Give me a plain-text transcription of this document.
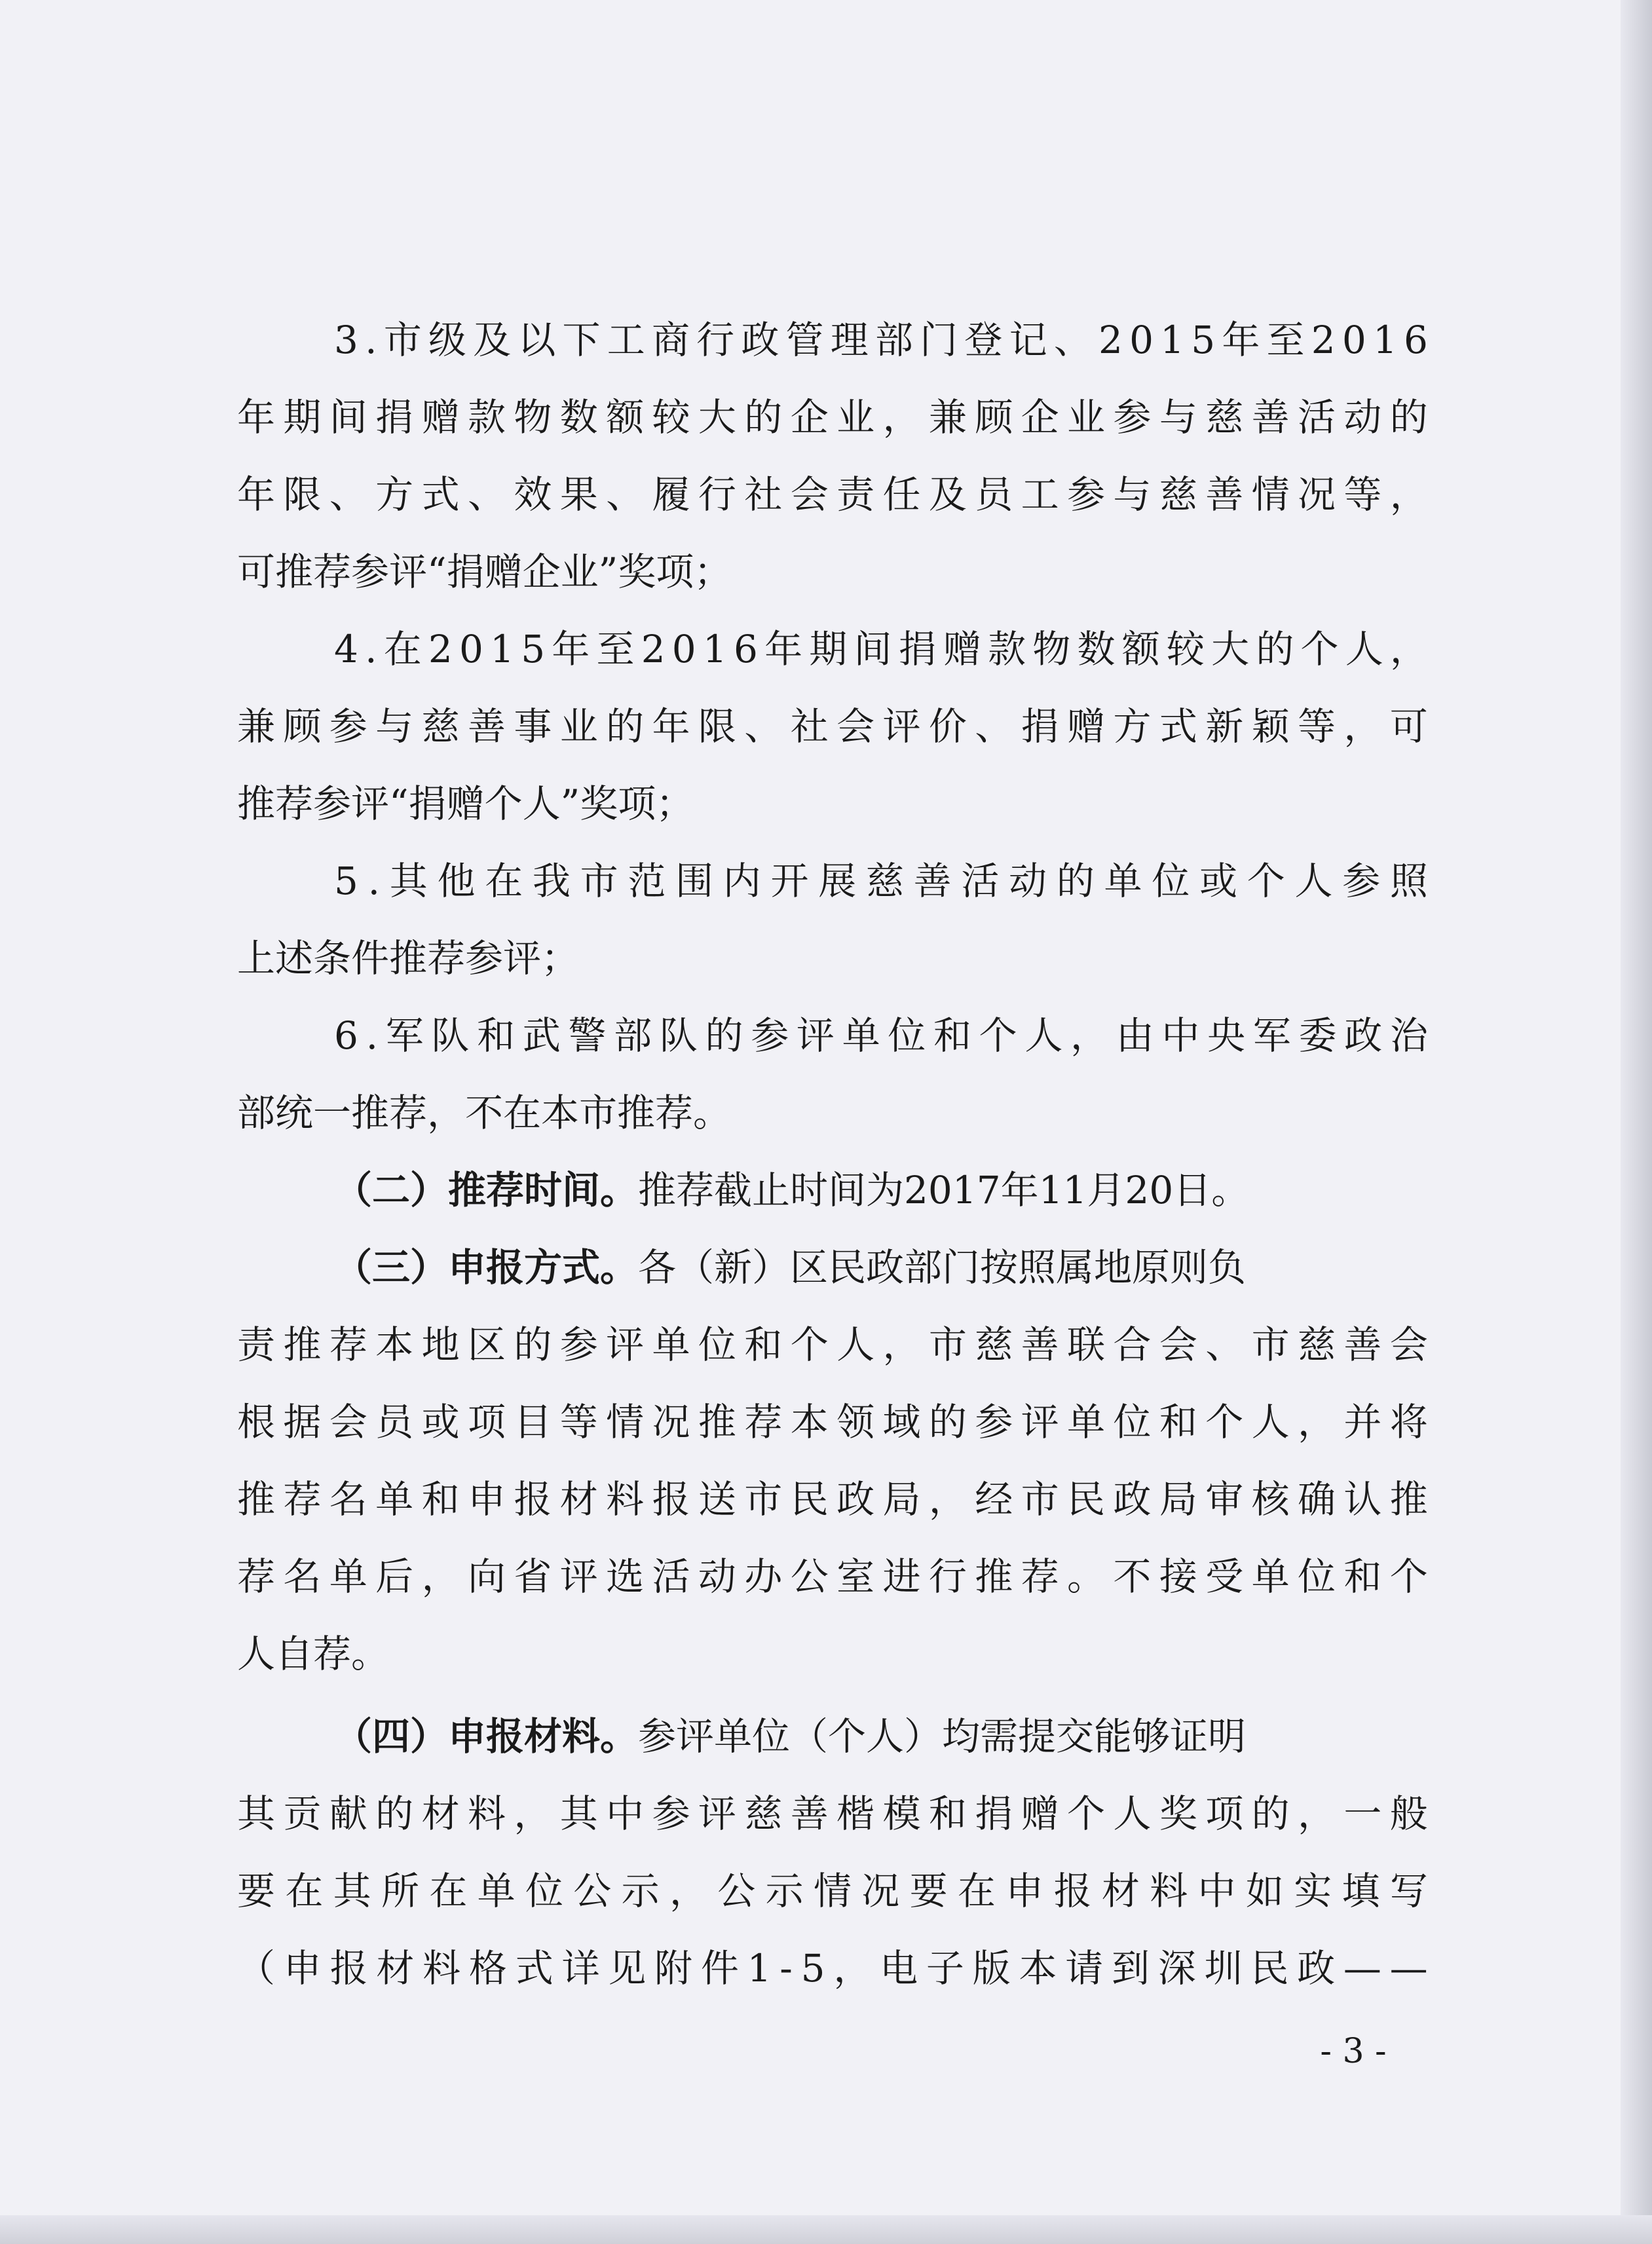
3 . 市 级 及 以 下 工 商 行 政 管 理 部 门 登 记 、 2 0 1 5 年 至 2 0 1 6
年 期 间 捐 赠 款 物 数 额 较 大 的 企 业 ， 兼 顾 企 业 参 与 慈 善 活 动 的
年 限 、 方 式 、 效 果 、 履 行 社 会 责 任 及 员 工 参 与 慈 善 情 况 等 ，
可推荐参评“捐赠企业”奖项；
4 . 在 2 0 1 5 年 至 2 0 1 6 年 期 间 捐 赠 款 物 数 额 较 大 的 个 人 ，
兼 顾 参 与 慈 善 事 业 的 年 限 、 社 会 评 价 、 捐 赠 方 式 新 颖 等 ， 可
推荐参评“捐赠个人”奖项；
5 . 其 他 在 我 市 范 围 内 开 展 慈 善 活 动 的 单 位 或 个 人 参 照
上述条件推荐参评；
6 . 军 队 和 武 警 部 队 的 参 评 单 位 和 个 人 ， 由 中 央 军 委 政 治
部统一推荐，不在本市推荐。
（二）推荐时间。推荐截止时间为2017年11月20日。
（三）申报方式。各（新）区民政部门按照属地原则负
责 推 荐 本 地 区 的 参 评 单 位 和 个 人 ， 市 慈 善 联 合 会 、 市 慈 善 会
根 据 会 员 或 项 目 等 情 况 推 荐 本 领 域 的 参 评 单 位 和 个 人 ， 并 将
推 荐 名 单 和 申 报 材 料 报 送 市 民 政 局 ， 经 市 民 政 局 审 核 确 认 推
荐 名 单 后 ， 向 省 评 选 活 动 办 公 室 进 行 推 荐 。 不 接 受 单 位 和 个
人自荐。
（四）申报材料。参评单位（个人）均需提交能够证明
其 贡 献 的 材 料 ， 其 中 参 评 慈 善 楷 模 和 捐 赠 个 人 奖 项 的 ， 一 般
要 在 其 所 在 单 位 公 示 ， 公 示 情 况 要 在 申 报 材 料 中 如 实 填 写
（ 申 报 材 料 格 式 详 见 附 件 1 - 5 ， 电 子 版 本 请 到 深 圳 民 政 — —
- 3 -
